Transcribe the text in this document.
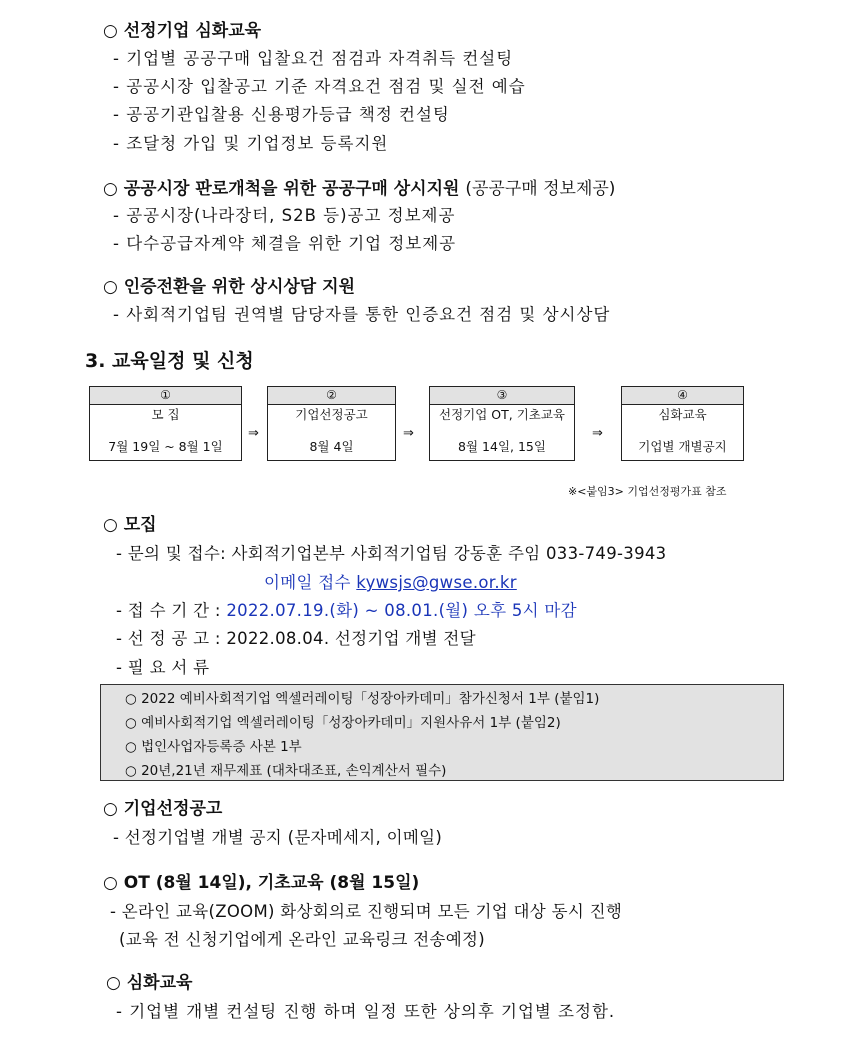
○ 선정기업 심화교육
- 기업별 공공구매 입찰요건 점검과 자격취득 컨설팅
- 공공시장 입찰공고 기준 자격요건 점검 및 실전 예습
- 공공기관입찰용 신용평가등급 책정 컨설팅
- 조달청 가입 및 기업정보 등록지원
○ 공공시장 판로개척을 위한 공공구매 상시지원 (공공구매 정보제공)
- 공공시장(나라장터, S2B 등)공고 정보제공
- 다수공급자계약 체결을 위한 기업 정보제공
○ 인증전환을 위한 상시상담 지원
- 사회적기업팀 권역별 담당자를 통한 인증요건 점검 및 상시상담
3. 교육일정 및 신청
①
모 집
7월 19일 ~ 8월 1일
⇒
②
기업선정공고
8월 4일
⇒
③
선정기업 OT, 기초교육
8월 14일, 15일
⇒
④
심화교육
기업별 개별공지
※<붙임3> 기업선정평가표 참조
○ 모집
- 문의 및 접수: 사회적기업본부 사회적기업팀 강동훈 주임 033-749-3943
이메일 접수 kywsjs@gwse.or.kr
- 접 수 기 간 : 2022.07.19.(화) ~ 08.01.(월) 오후 5시 마감
- 선 정 공 고 : 2022.08.04. 선정기업 개별 전달
- 필 요 서 류
○ 2022 예비사회적기업 엑셀러레이팅「성장아카데미」참가신청서 1부 (붙임1)
○ 예비사회적기업 엑셀러레이팅「성장아카데미」지원사유서 1부 (붙임2)
○ 법인사업자등록증 사본 1부
○ 20년,21년 재무제표 (대차대조표, 손익계산서 필수)
○ 기업선정공고
- 선정기업별 개별 공지 (문자메세지, 이메일)
○ OT (8월 14일), 기초교육 (8월 15일)
- 온라인 교육(ZOOM) 화상회의로 진행되며 모든 기업 대상 동시 진행
(교육 전 신청기업에게 온라인 교육링크 전송예정)
○ 심화교육
- 기업별 개별 컨설팅 진행 하며 일정 또한 상의후 기업별 조정함.
